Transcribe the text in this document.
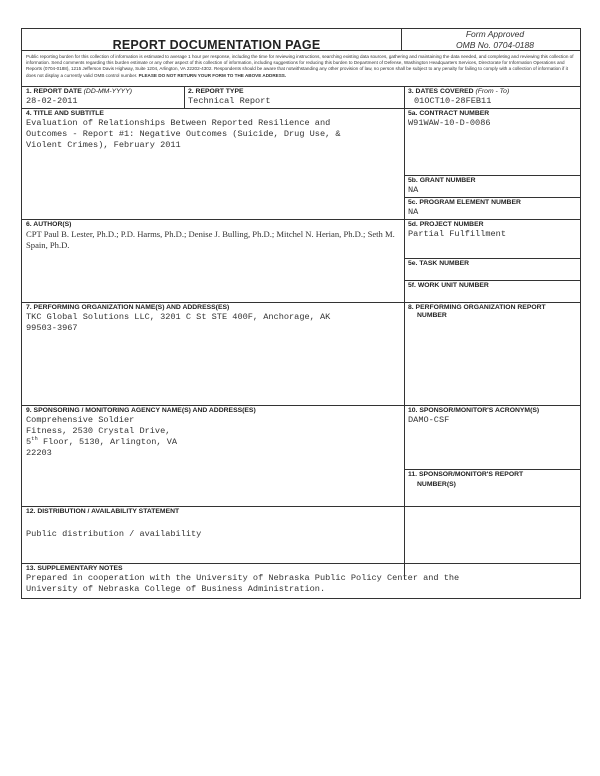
Form Approved
OMB No. 0704-0188
REPORT DOCUMENTATION PAGE
Public reporting burden for this collection of information is estimated to average 1 hour per response, including the time for reviewing instructions, searching existing data sources, gathering and maintaining the data needed, and completing and reviewing this collection of information. Send comments regarding this burden estimate or any other aspect of this collection of information, including suggestions for reducing this burden to Department of Defense, Washington Headquarters Services, Directorate for Information Operations and Reports (0704-0188), 1215 Jefferson Davis Highway, Suite 1204, Arlington, VA 22202-4302. Respondents should be aware that notwithstanding any other provision of law, no person shall be subject to any penalty for failing to comply with a collection of information if it does not display a currently valid OMB control number. PLEASE DO NOT RETURN YOUR FORM TO THE ABOVE ADDRESS.
1. REPORT DATE (DD-MM-YYYY)
28-02-2011
2. REPORT TYPE
Technical Report
3. DATES COVERED (From - To)
01OCT10-28FEB11
4. TITLE AND SUBTITLE
Evaluation of Relationships Between Reported Resilience and
Outcomes - Report #1: Negative Outcomes (Suicide, Drug Use, &
Violent Crimes), February 2011
5a. CONTRACT NUMBER
W91WAW-10-D-0086
5b. GRANT NUMBER
NA
5c. PROGRAM ELEMENT NUMBER
NA
6. AUTHOR(S)
CPT Paul B. Lester, Ph.D.; P.D. Harms, Ph.D.; Denise J. Bulling, Ph.D.; Mitchel N. Herian, Ph.D.; Seth M. Spain, Ph.D.
5d. PROJECT NUMBER
Partial Fulfillment
5e. TASK NUMBER
5f. WORK UNIT NUMBER
7. PERFORMING ORGANIZATION NAME(S) AND ADDRESS(ES)
TKC Global Solutions LLC, 3201 C St STE 400F, Anchorage, AK
99503-3967
8. PERFORMING ORGANIZATION REPORT
NUMBER
9. SPONSORING / MONITORING AGENCY NAME(S) AND ADDRESS(ES)
Comprehensive Soldier
Fitness, 2530 Crystal Drive,
5th Floor, 5130, Arlington, VA
22203
10. SPONSOR/MONITOR'S ACRONYM(S)
DAMO-CSF
11. SPONSOR/MONITOR'S REPORT
NUMBER(S)
12. DISTRIBUTION / AVAILABILITY STATEMENT
Public distribution / availability
13. SUPPLEMENTARY NOTES
Prepared in cooperation with the University of Nebraska Public Policy Center and the
University of Nebraska College of Business Administration.
